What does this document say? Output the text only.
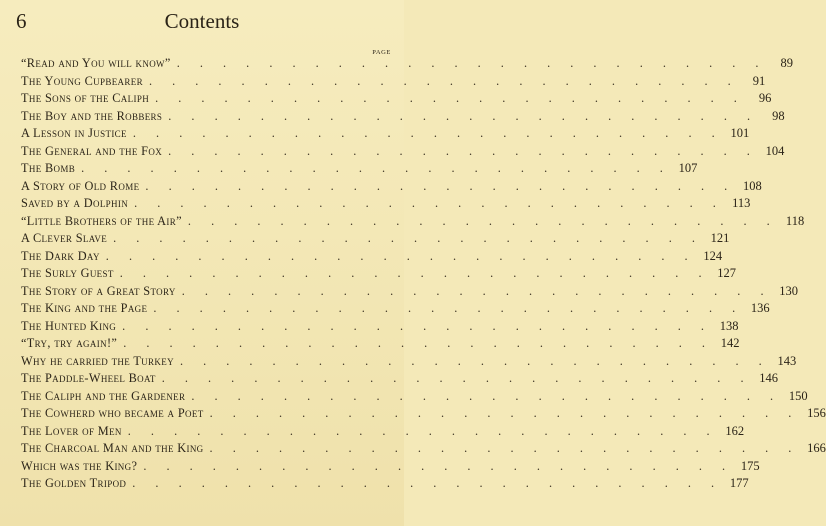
6	Contents
PAGE
“Read and You will know” . . . . . . . . . . . . . . . . . . . . . . . . . .	89
The Young Cupbearer . . . . . . . . . . . . . . . . . . . . . . . . . .	91
The Sons of the Caliph . . . . . . . . . . . . . . . . . . . . . . . . . .	96
The Boy and the Robbers . . . . . . . . . . . . . . . . . . . . . . . . . .	98
A Lesson in Justice . . . . . . . . . . . . . . . . . . . . . . . . . . 101
The General and the Fox . . . . . . . . . . . . . . . . . . . . . . . . . . 104
The Bomb . . . . . . . . . . . . . . . . . . . . . . . . . . 107
A Story of Old Rome . . . . . . . . . . . . . . . . . . . . . . . . . . 108
Saved by a Dolphin . . . . . . . . . . . . . . . . . . . . . . . . . . 113
“Little Brothers of the Air” . . . . . . . . . . . . . . . . . . . . . . . . . . 118
A Clever Slave . . . . . . . . . . . . . . . . . . . . . . . . . . 121
The Dark Day . . . . . . . . . . . . . . . . . . . . . . . . . . 124
The Surly Guest . . . . . . . . . . . . . . . . . . . . . . . . . . 127
The Story of a Great Story . . . . . . . . . . . . . . . . . . . . . . . . . . 130
The King and the Page . . . . . . . . . . . . . . . . . . . . . . . . . . 136
The Hunted King . . . . . . . . . . . . . . . . . . . . . . . . . . 138
“Try, try again!” . . . . . . . . . . . . . . . . . . . . . . . . . . 142
Why he carried the Turkey . . . . . . . . . . . . . . . . . . . . . . . . . . 143
The Paddle-Wheel Boat . . . . . . . . . . . . . . . . . . . . . . . . . . 146
The Caliph and the Gardener . . . . . . . . . . . . . . . . . . . . . . . . . . 150
The Cowherd who became a Poet . . . . . . . . . . . . . . . . . . . . . . . . . . 156
The Lover of Men . . . . . . . . . . . . . . . . . . . . . . . . . . 162
The Charcoal Man and the King . . . . . . . . . . . . . . . . . . . . . . . . . . 166
Which was the King? . . . . . . . . . . . . . . . . . . . . . . . . . . 175
The Golden Tripod . . . . . . . . . . . . . . . . . . . . . . . . . . 177
